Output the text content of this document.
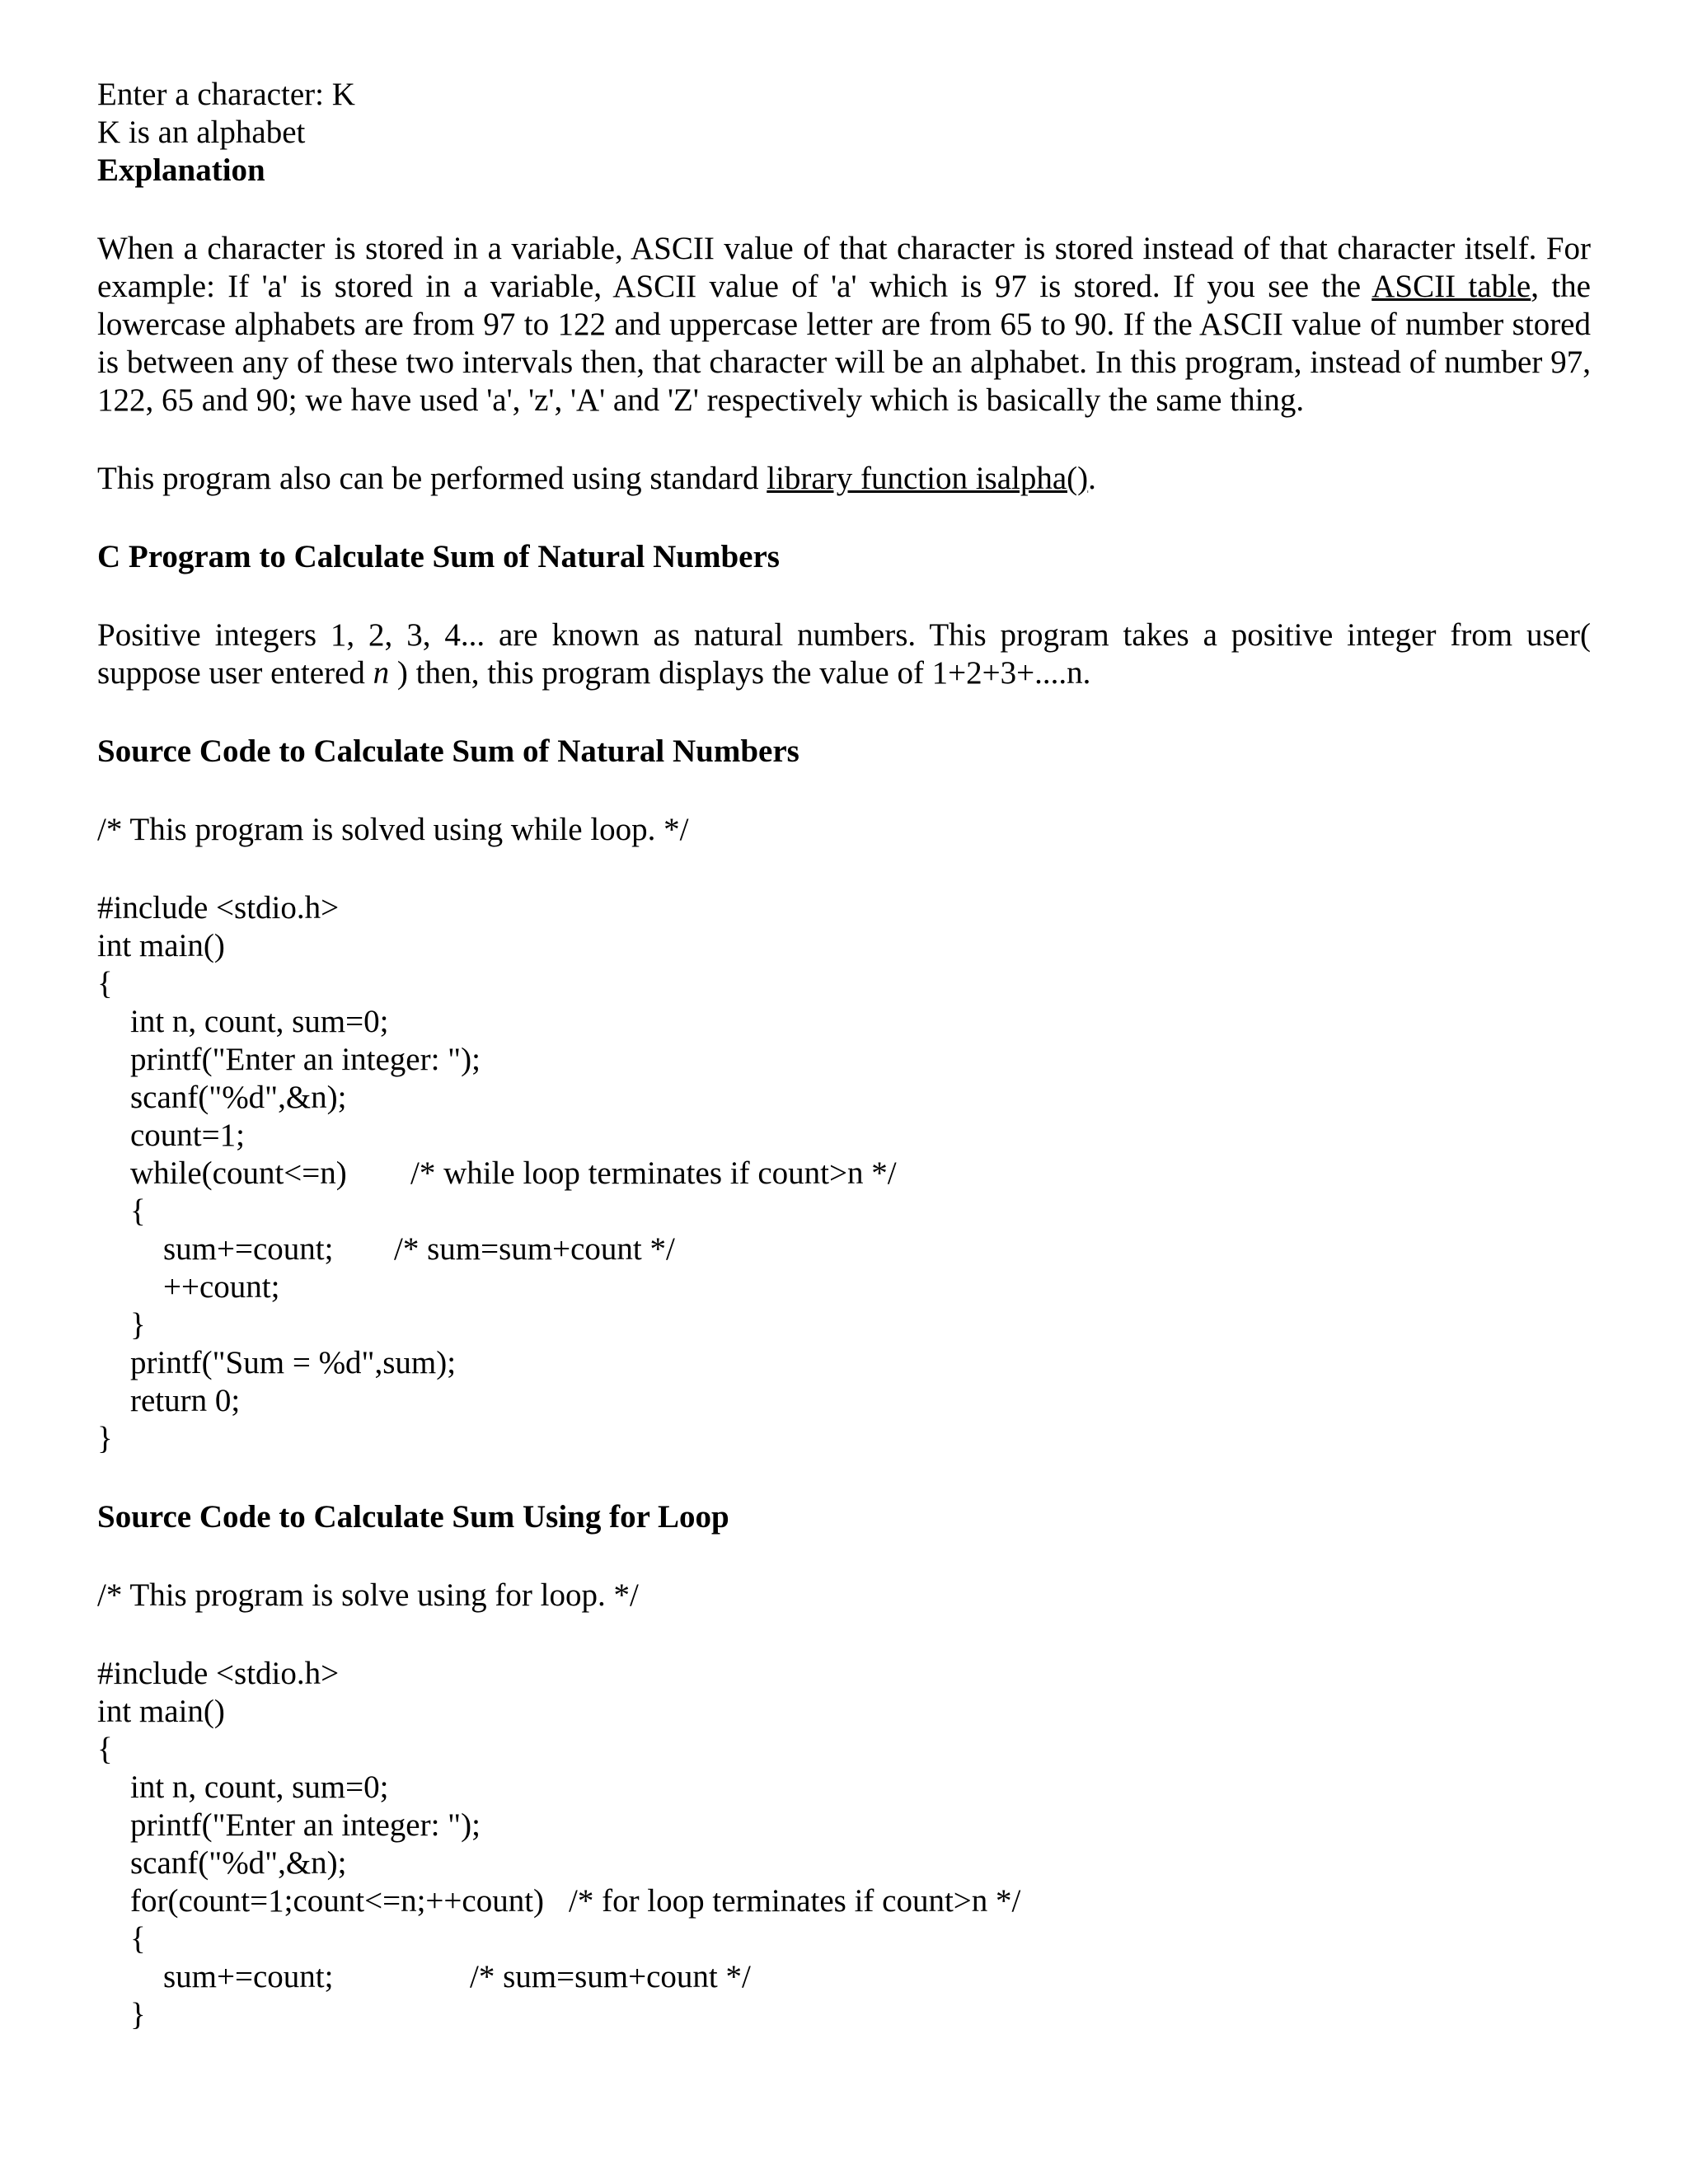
Enter a character: K
K is an alphabet
Explanation

When a character is stored in a variable, ASCII value of that character is stored instead of that character itself. For example: If 'a' is stored in a variable, ASCII value of 'a' which is 97 is stored. If you see the ASCII table, the lowercase alphabets are from 97 to 122 and uppercase letter are from 65 to 90. If the ASCII value of number stored is between any of these two intervals then, that character will be an alphabet. In this program, instead of number 97, 122, 65 and 90; we have used 'a', 'z', 'A' and 'Z' respectively which is basically the same thing.

This program also can be performed using standard library function isalpha().

C Program to Calculate Sum of Natural Numbers

Positive integers 1, 2, 3, 4... are known as natural numbers. This program takes a positive integer from user( suppose user entered n ) then, this program displays the value of 1+2+3+....n.

Source Code to Calculate Sum of Natural Numbers
/* This program is solved using while loop. */
#include <stdio.h>
int main()
{
int n, count, sum=0;
printf("Enter an integer: ");
scanf("%d",&n);
count=1;
while(count<=n)	/* while loop terminates if count>n */
{
sum+=count;	/* sum=sum+count */
++count;
}
printf("Sum = %d",sum);
return 0;
}
Source Code to Calculate Sum Using for Loop
/* This program is solve using for loop. */
#include <stdio.h>
int main()
{
int n, count, sum=0;
printf("Enter an integer: ");
scanf("%d",&n);
for(count=1;count<=n;++count) /* for loop terminates if count>n */
{
sum+=count;	/* sum=sum+count */
}
